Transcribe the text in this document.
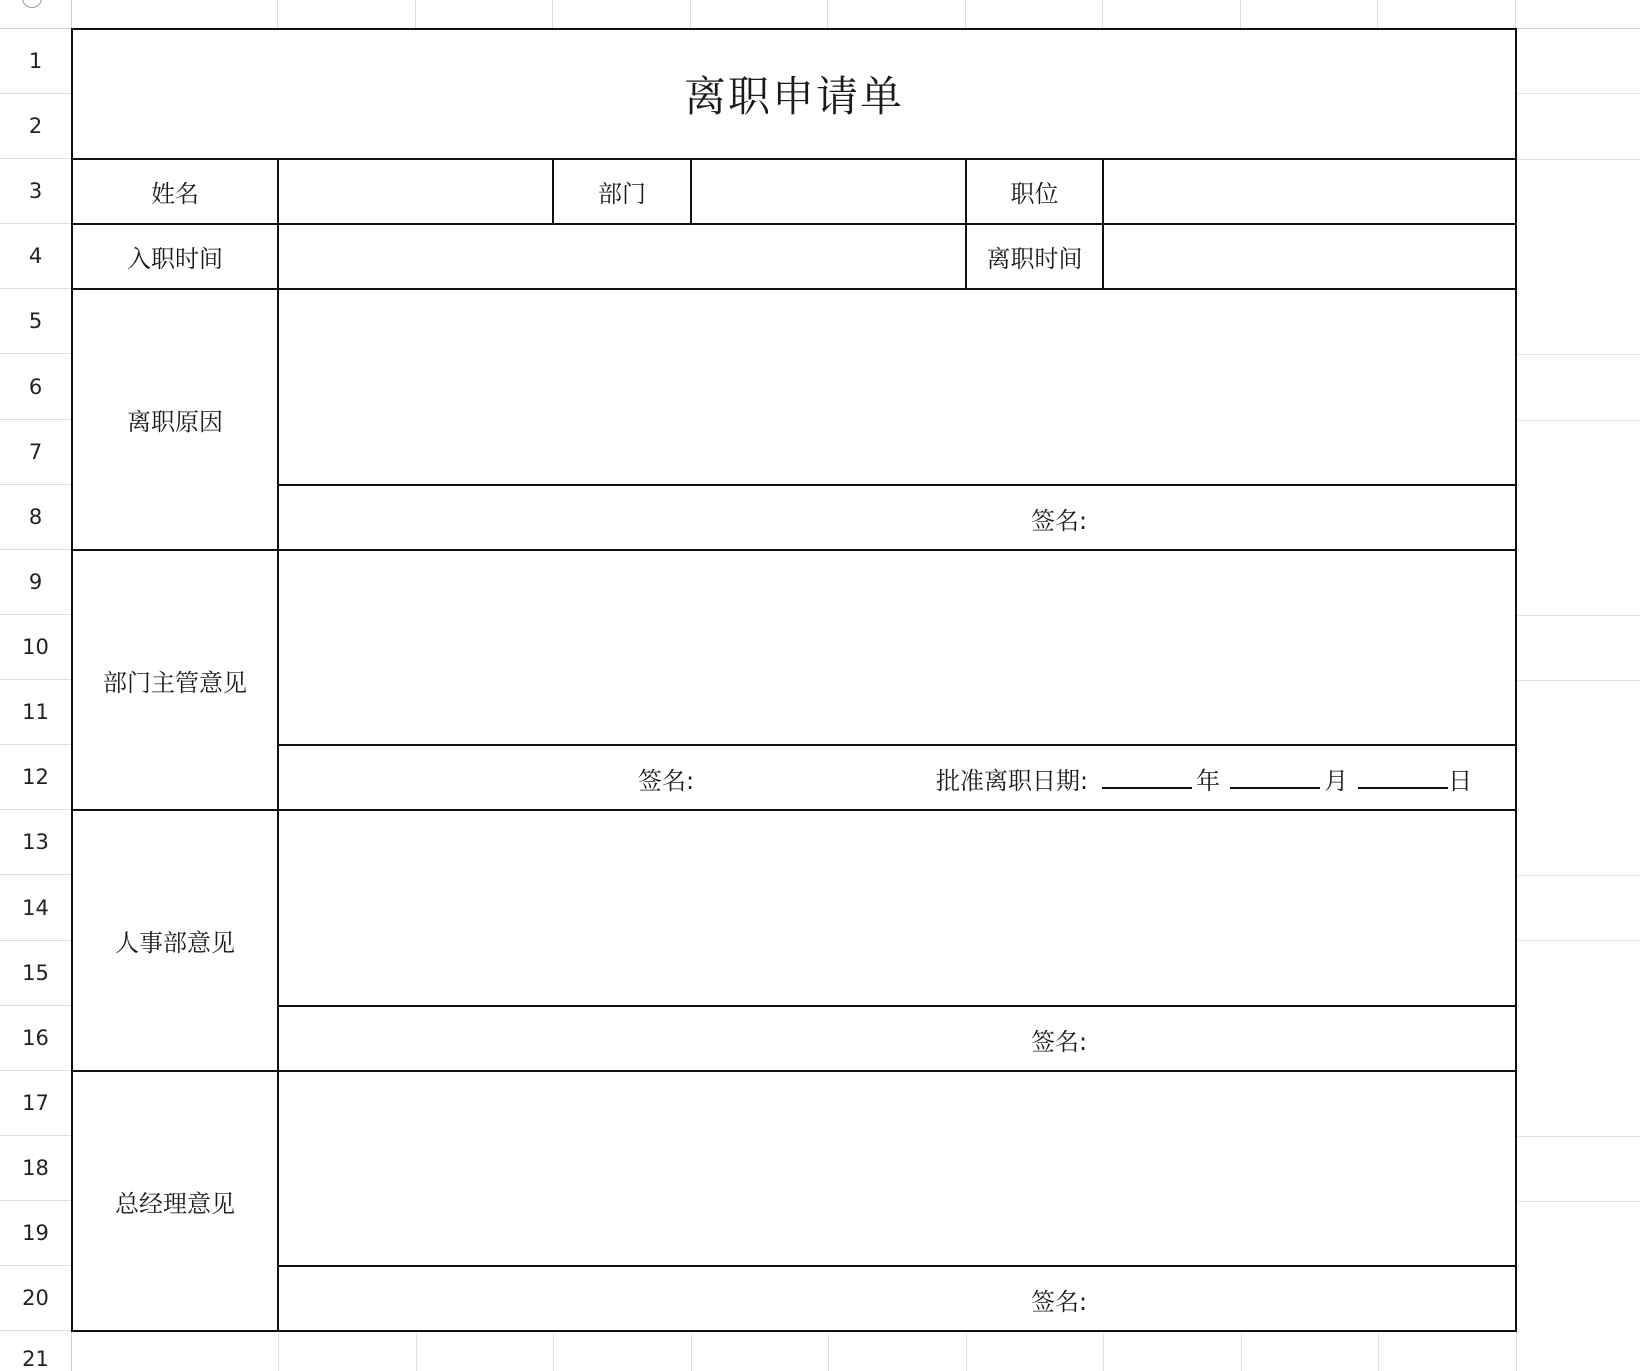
1
2
3
4
5
6
7
8
9
10
11
12
13
14
15
16
17
18
19
20
21
离职申请单
姓名	部门	职位
入职时间	离职时间
离职原因
签名:
部门主管意见
签名:	批准离职日期:	年	月	日
人事部意见
签名:
总经理意见
签名:
